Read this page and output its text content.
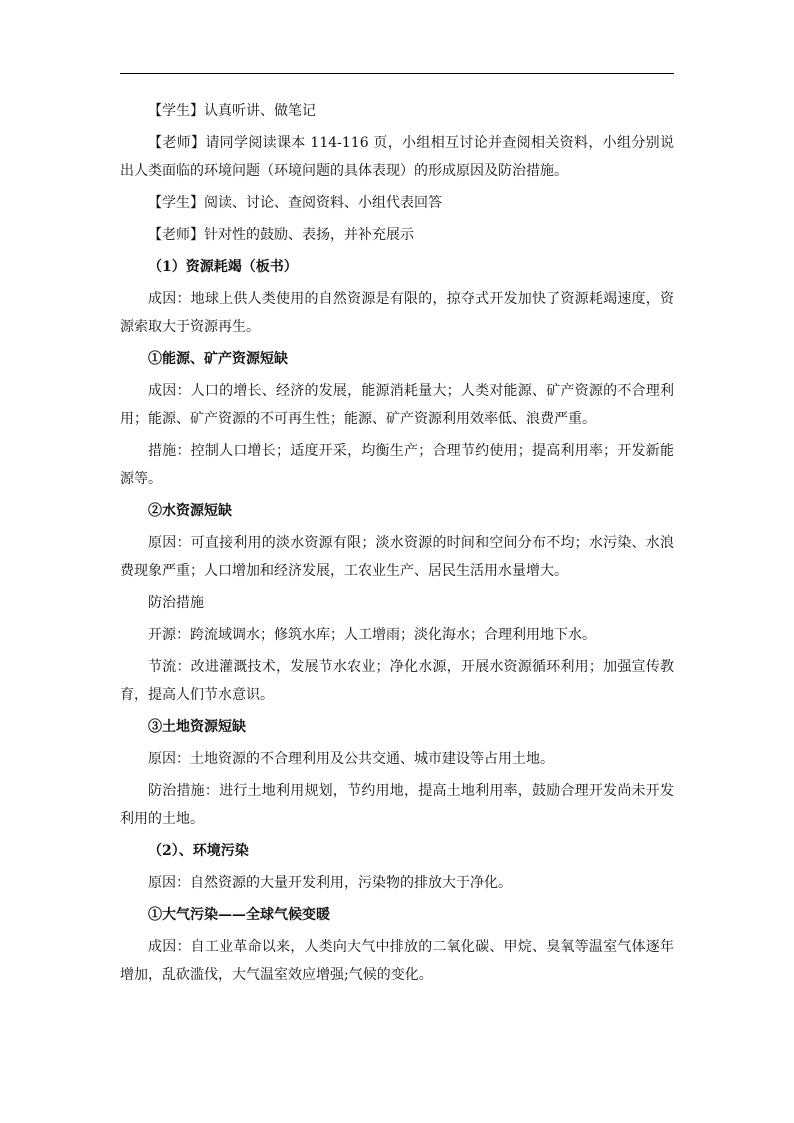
【学生】认真听讲、做笔记

【老师】请同学阅读课本 114-116 页，小组相互讨论并查阅相关资料，小组分别说出人类面临的环境问题（环境问题的具体表现）的形成原因及防治措施。

【学生】阅读、讨论、查阅资料、小组代表回答

【老师】针对性的鼓励、表扬，并补充展示

（1）资源耗竭（板书）

成因：地球上供人类使用的自然资源是有限的，掠夺式开发加快了资源耗竭速度，资源索取大于资源再生。

①能源、矿产资源短缺

成因：人口的增长、经济的发展，能源消耗量大；人类对能源、矿产资源的不合理利用；能源、矿产资源的不可再生性；能源、矿产资源利用效率低、浪费严重。

措施：控制人口增长；适度开采，均衡生产；合理节约使用；提高利用率；开发新能源等。

②水资源短缺

原因：可直接利用的淡水资源有限；淡水资源的时间和空间分布不均；水污染、水浪费现象严重；人口增加和经济发展，工农业生产、居民生活用水量增大。

防治措施

开源：跨流域调水；修筑水库；人工增雨；淡化海水；合理利用地下水。

节流：改进灌溉技术，发展节水农业；净化水源，开展水资源循环利用；加强宣传教育，提高人们节水意识。

③土地资源短缺

原因：土地资源的不合理利用及公共交通、城市建设等占用土地。

防治措施：进行土地利用规划，节约用地，提高土地利用率，鼓励合理开发尚未开发利用的土地。

（2）、环境污染

原因：自然资源的大量开发利用，污染物的排放大于净化。

①大气污染——全球气候变暖

成因：自工业革命以来，人类向大气中排放的二氧化碳、甲烷、臭氧等温室气体逐年增加，乱砍滥伐，大气温室效应增强;气候的变化。
